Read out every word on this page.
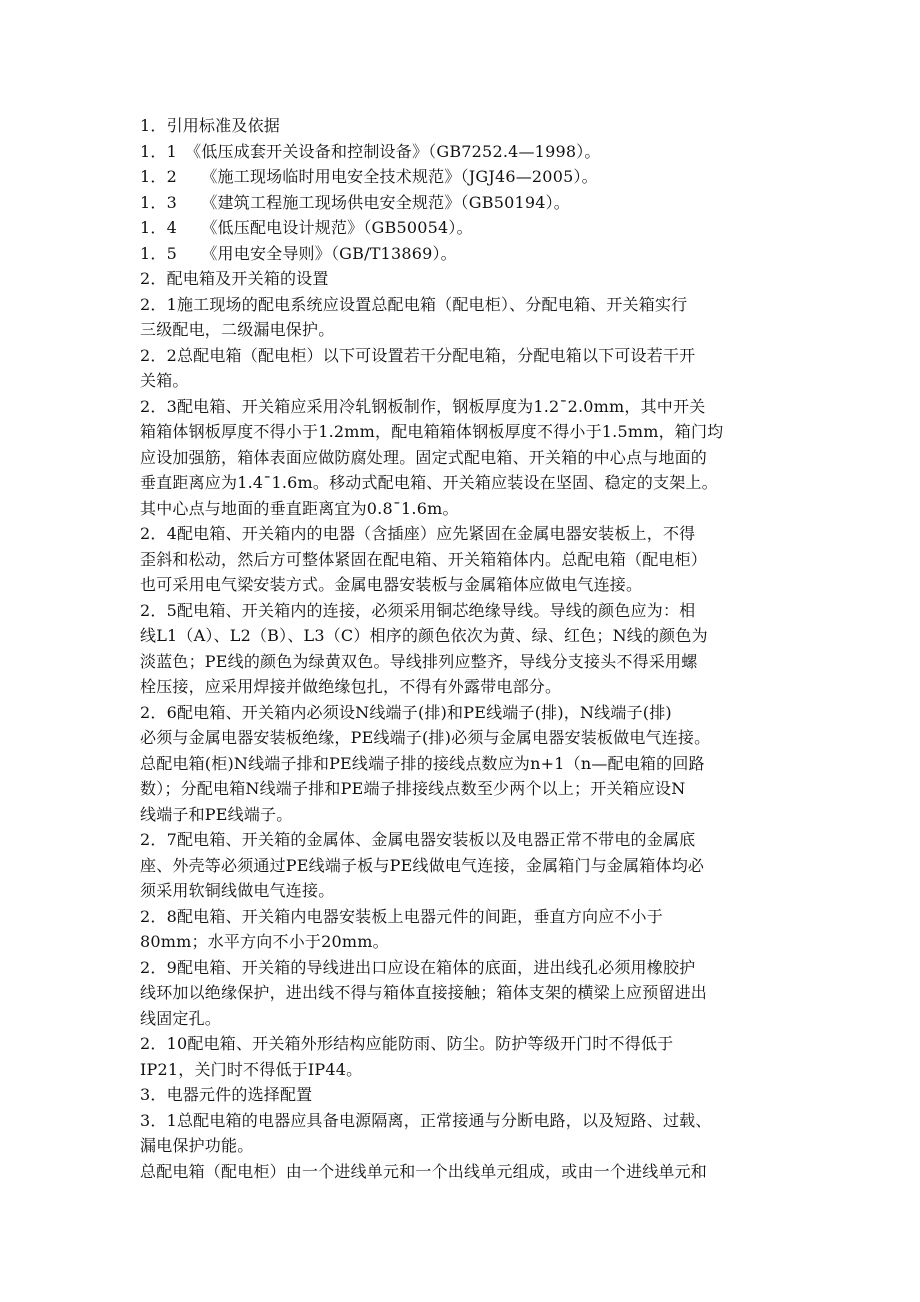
1．引用标准及依据
1．1　《低压成套开关设备和控制设备》（GB7252.4—1998）。
1．2　　《施工现场临时用电安全技术规范》（JGJ46—2005）。
1．3　　《建筑工程施工现场供电安全规范》（GB50194）。
1．4　　《低压配电设计规范》（GB50054）。
1．5　　《用电安全导则》（GB/T13869）。
2．配电箱及开关箱的设置
2．1施工现场的配电系统应设置总配电箱（配电柜）、分配电箱、开关箱实行
三级配电，二级漏电保护。
2．2总配电箱（配电柜）以下可设置若干分配电箱，分配电箱以下可设若干开
关箱。
2．3配电箱、开关箱应采用冷轧钢板制作，钢板厚度为1.2¯2.0mm，其中开关
箱箱体钢板厚度不得小于1.2mm，配电箱箱体钢板厚度不得小于1.5mm，箱门均
应设加强筋，箱体表面应做防腐处理。固定式配电箱、开关箱的中心点与地面的
垂直距离应为1.4¯1.6m。移动式配电箱、开关箱应装设在坚固、稳定的支架上。
其中心点与地面的垂直距离宜为0.8¯1.6m。
2．4配电箱、开关箱内的电器（含插座）应先紧固在金属电器安装板上，不得
歪斜和松动，然后方可整体紧固在配电箱、开关箱箱体内。总配电箱（配电柜）
也可采用电气梁安装方式。金属电器安装板与金属箱体应做电气连接。
2．5配电箱、开关箱内的连接，必须采用铜芯绝缘导线。导线的颜色应为：相
线L1（A）、L2（B）、L3（C）相序的颜色依次为黄、绿、红色；N线的颜色为
淡蓝色；PE线的颜色为绿黄双色。导线排列应整齐，导线分支接头不得采用螺
栓压接，应采用焊接并做绝缘包扎，不得有外露带电部分。
2．6配电箱、开关箱内必须设N线端子(排)和PE线端子(排)，N线端子(排)
必须与金属电器安装板绝缘，PE线端子(排)必须与金属电器安装板做电气连接。
总配电箱(柜)N线端子排和PE线端子排的接线点数应为n+1（n—配电箱的回路
数）；分配电箱N线端子排和PE端子排接线点数至少两个以上；开关箱应设N
线端子和PE线端子。
2．7配电箱、开关箱的金属体、金属电器安装板以及电器正常不带电的金属底
座、外壳等必须通过PE线端子板与PE线做电气连接，金属箱门与金属箱体均必
须采用软铜线做电气连接。
2．8配电箱、开关箱内电器安装板上电器元件的间距，垂直方向应不小于
80mm；水平方向不小于20mm。
2．9配电箱、开关箱的导线进出口应设在箱体的底面，进出线孔必须用橡胶护
线环加以绝缘保护，进出线不得与箱体直接接触；箱体支架的横梁上应预留进出
线固定孔。
2．10配电箱、开关箱外形结构应能防雨、防尘。防护等级开门时不得低于
IP21，关门时不得低于IP44。
3．电器元件的选择配置
3．1总配电箱的电器应具备电源隔离，正常接通与分断电路，以及短路、过载、
漏电保护功能。
总配电箱（配电柜）由一个进线单元和一个出线单元组成，或由一个进线单元和
